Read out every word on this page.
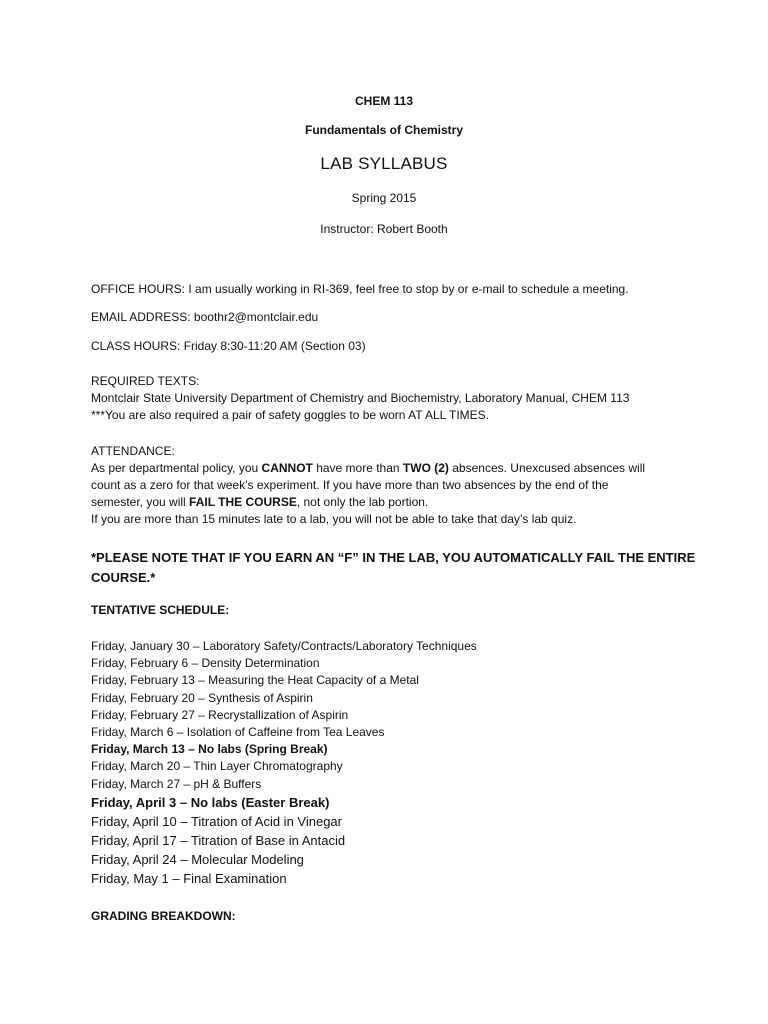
CHEM 113
Fundamentals of Chemistry
LAB SYLLABUS
Spring 2015
Instructor: Robert Booth
OFFICE HOURS: I am usually working in RI-369, feel free to stop by or e-mail to schedule a meeting.
EMAIL ADDRESS: boothr2@montclair.edu
CLASS HOURS: Friday 8:30-11:20 AM (Section 03)
REQUIRED TEXTS:
Montclair State University Department of Chemistry and Biochemistry, Laboratory Manual, CHEM 113
***You are also required a pair of safety goggles to be worn AT ALL TIMES.
ATTENDANCE:
As per departmental policy, you CANNOT have more than TWO (2) absences. Unexcused absences will
count as a zero for that week’s experiment. If you have more than two absences by the end of the
semester, you will FAIL THE COURSE, not only the lab portion.
If you are more than 15 minutes late to a lab, you will not be able to take that day’s lab quiz.
*PLEASE NOTE THAT IF YOU EARN AN “F” IN THE LAB, YOU AUTOMATICALLY FAIL THE ENTIRE
COURSE.*
TENTATIVE SCHEDULE:
Friday, January 30 – Laboratory Safety/Contracts/Laboratory Techniques
Friday, February 6 – Density Determination
Friday, February 13 – Measuring the Heat Capacity of a Metal
Friday, February 20 – Synthesis of Aspirin
Friday, February 27 – Recrystallization of Aspirin
Friday, March 6 – Isolation of Caffeine from Tea Leaves
Friday, March 13 – No labs (Spring Break)
Friday, March 20 – Thin Layer Chromatography
Friday, March 27 – pH & Buffers
Friday, April 3 – No labs (Easter Break)
Friday, April 10 – Titration of Acid in Vinegar
Friday, April 17 – Titration of Base in Antacid
Friday, April 24 – Molecular Modeling
Friday, May 1 – Final Examination
GRADING BREAKDOWN:
